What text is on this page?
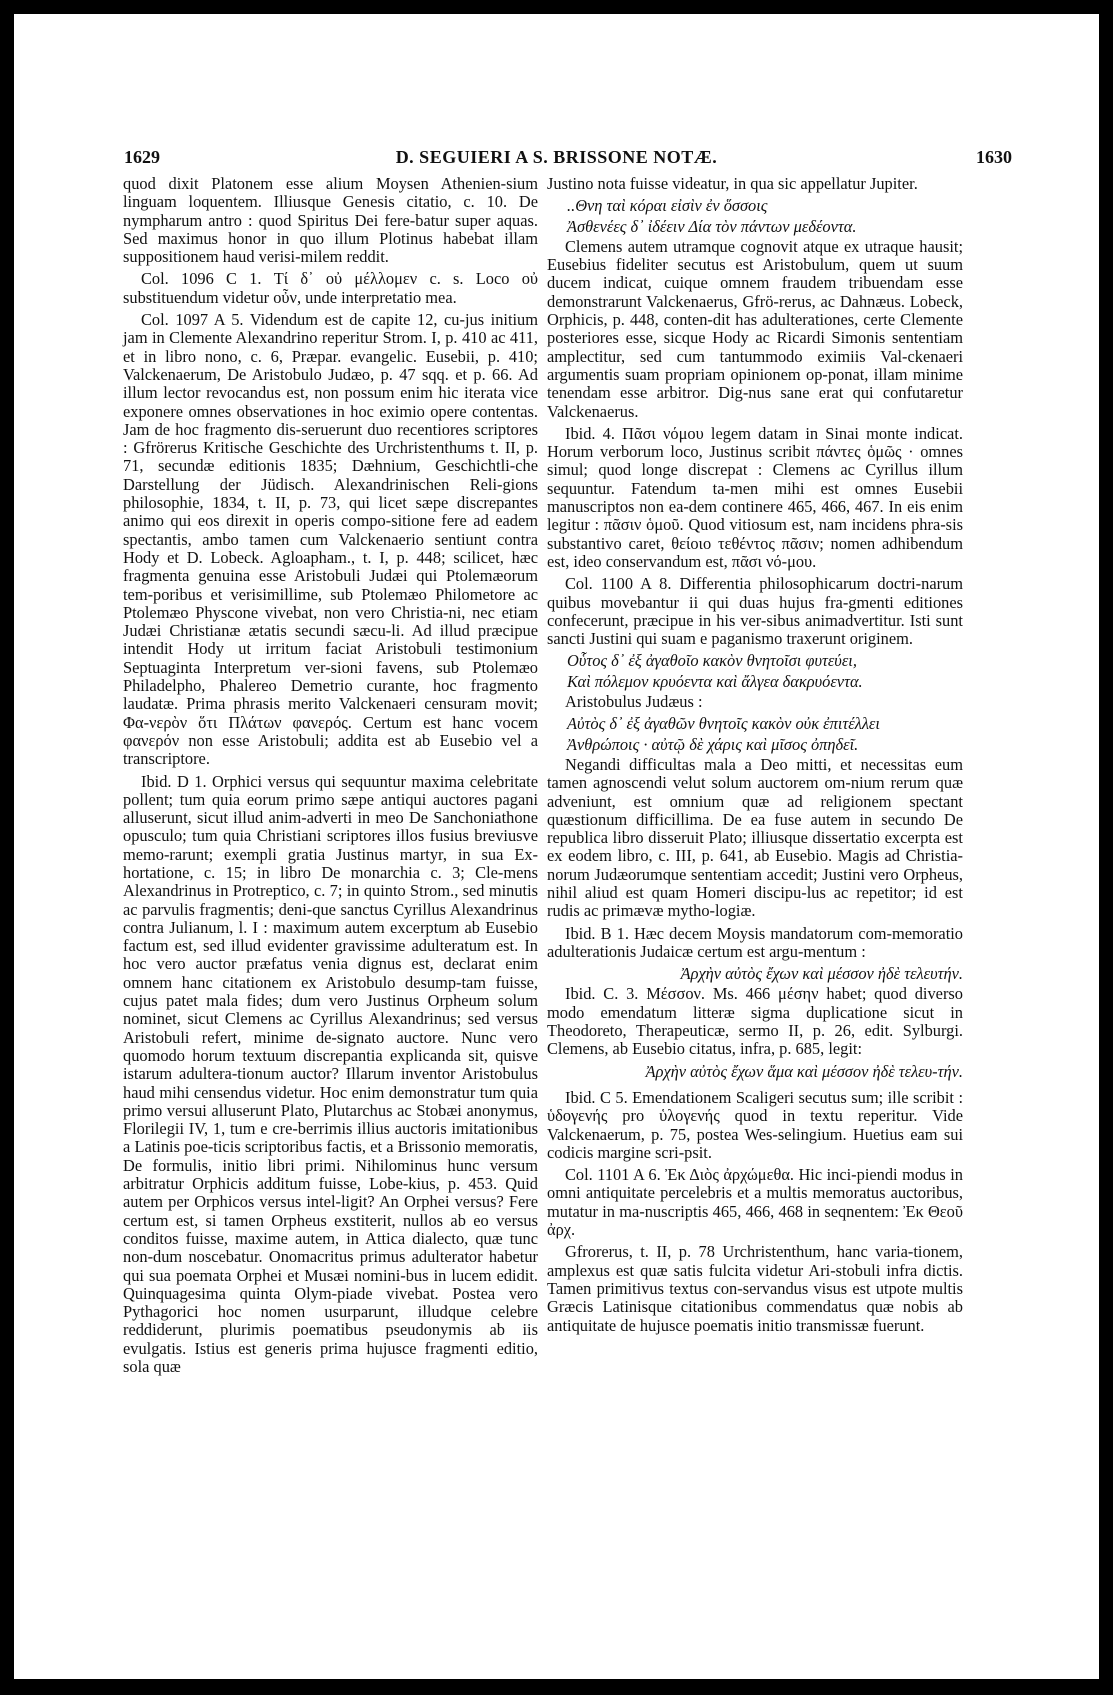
1629	D. SEGUIERI A S. BRISSONE NOTÆ.	1630

quod dixit Platonem esse alium Moysen Athenien-sium linguam loquentem. Illiusque Genesis citatio, c. 10. De nympharum antro : quod Spiritus Dei fere-batur super aquas. Sed maximus honor in quo illum Plotinus habebat illam suppositionem haud verisi-milem reddit.

Col. 1096 C 1. Τί δ᾽ οὐ μέλλομεν c. s. Loco οὐ substituendum videtur οὖν, unde interpretatio mea.

Col. 1097 A 5. Videndum est de capite 12, cu-jus initium jam in Clemente Alexandrino reperitur Strom. I, p. 410 ac 411, et in libro nono, c. 6, Præpar. evangelic. Eusebii, p. 410; Valckenaerum, De Aristobulo Judæo, p. 47 sqq. et p. 66. Ad illum lector revocandus est, non possum enim hic iterata vice exponere omnes observationes in hoc eximio opere contentas. Jam de hoc fragmento dis-seruerunt duo recentiores scriptores : Gfrörerus Kritische Geschichte des Urchristenthums t. II, p. 71, secundæ editionis 1835; Dæhnium, Geschichtli-che Darstellung der Jüdisch. Alexandrinischen Reli-gions philosophie, 1834, t. II, p. 73, qui licet sæpe discrepantes animo qui eos direxit in operis compo-sitione fere ad eadem spectantis, ambo tamen cum Valckenaerio sentiunt contra Hody et D. Lobeck. Agloapham., t. I, p. 448; scilicet, hæc fragmenta genuina esse Aristobuli Judæi qui Ptolemæorum tem-poribus et verisimillime, sub Ptolemæo Philometore ac Ptolemæo Physcone vivebat, non vero Christia-ni, nec etiam Judæi Christianæ ætatis secundi sæcu-li. Ad illud præcipue intendit Hody ut irritum faciat Aristobuli testimonium Septuaginta Interpretum ver-sioni favens, sub Ptolemæo Philadelpho, Phalereo Demetrio curante, hoc fragmento laudatæ. Prima phrasis merito Valckenaeri censuram movit; Φα-νερὸν ὅτι Πλάτων φανερός. Certum est hanc vocem φανερόν non esse Aristobuli; addita est ab Eusebio vel a transcriptore.

Ibid. D 1. Orphici versus qui sequuntur maxima celebritate pollent; tum quia eorum primo sæpe antiqui auctores pagani alluserunt, sicut illud anim-adverti in meo De Sanchoniathone opusculo; tum quia Christiani scriptores illos fusius breviusve memo-rarunt; exempli gratia Justinus martyr, in sua Ex-hortatione, c. 15; in libro De monarchia c. 3; Cle-mens Alexandrinus in Protreptico, c. 7; in quinto Strom., sed minutis ac parvulis fragmentis; deni-que sanctus Cyrillus Alexandrinus contra Julianum, l. I : maximum autem excerptum ab Eusebio factum est, sed illud evidenter gravissime adulteratum est. In hoc vero auctor præfatus venia dignus est, declarat enim omnem hanc citationem ex Aristobulo desump-tam fuisse, cujus patet mala fides; dum vero Justinus Orpheum solum nominet, sicut Clemens ac Cyrillus Alexandrinus; sed versus Aristobuli refert, minime de-signato auctore. Nunc vero quomodo horum textuum discrepantia explicanda sit, quisve istarum adultera-tionum auctor? Illarum inventor Aristobulus haud mihi censendus videtur. Hoc enim demonstratur tum quia primo versui alluserunt Plato, Plutarchus ac Stobæi anonymus, Florilegii IV, 1, tum e cre-berrimis illius auctoris imitationibus a Latinis poe-ticis scriptoribus factis, et a Brissonio memoratis, De formulis, initio libri primi. Nihilominus hunc versum arbitratur Orphicis additum fuisse, Lobe-kius, p. 453. Quid autem per Orphicos versus intel-ligit? An Orphei versus? Fere certum est, si tamen Orpheus exstiterit, nullos ab eo versus conditos fuisse, maxime autem, in Attica dialecto, quæ tunc non-dum noscebatur. Onomacritus primus adulterator habetur qui sua poemata Orphei et Musæi nomini-bus in lucem edidit. Quinquagesima quinta Olym-piade vivebat. Postea vero Pythagorici hoc nomen usurparunt, illudque celebre reddiderunt, plurimis poematibus pseudonymis ab iis evulgatis. Istius est generis prima hujusce fragmenti editio, sola quæ

Justino nota fuisse videatur, in qua sic appellatur Jupiter.

..Θνη ταὶ κόραι εἰσὶν ἐν ὅσσοις

Ἀσθενέες δ᾽ ἰδέειν Δία τὸν πάντων μεδέοντα.

Clemens autem utramque cognovit atque ex utraque hausit; Eusebius fideliter secutus est Aristobulum, quem ut suum ducem indicat, cuique omnem fraudem tribuendam esse demonstrarunt Valckenaerus, Gfrö-rerus, ac Dahnæus. Lobeck, Orphicis, p. 448, conten-dit has adulterationes, certe Clemente posteriores esse, sicque Hody ac Ricardi Simonis sententiam amplectitur, sed cum tantummodo eximiis Val-ckenaeri argumentis suam propriam opinionem op-ponat, illam minime tenendam esse arbitror. Dig-nus sane erat qui confutaretur Valckenaerus.

Ibid. 4. Πᾶσι νόμου legem datam in Sinai monte indicat. Horum verborum loco, Justinus scribit πάντες ὁμῶς · omnes simul; quod longe discrepat : Clemens ac Cyrillus illum sequuntur. Fatendum ta-men mihi est omnes Eusebii manuscriptos non ea-dem continere 465, 466, 467. In eis enim legitur : πᾶσιν ὁμοῦ. Quod vitiosum est, nam incidens phra-sis substantivo caret, θείοιο τεθέντος πᾶσιν; nomen adhibendum est, ideo conservandum est, πᾶσι νό-μου.

Col. 1100 A 8. Differentia philosophicarum doctri-narum quibus movebantur ii qui duas hujus fra-gmenti editiones confecerunt, præcipue in his ver-sibus animadvertitur. Isti sunt sancti Justini qui suam e paganismo traxerunt originem.

Οὗτος δ᾽ ἐξ ἀγαθοῖο κακὸν θνητοῖσι φυτεύει,

Καὶ πόλεμον κρυόεντα καὶ ἄλγεα δακρυόεντα.

Aristobulus Judæus :

Αὐτὸς δ᾽ ἐξ ἀγαθῶν θνητοῖς κακὸν οὐκ ἐπιτέλλει

Ἀνθρώποις · αὐτῷ δὲ χάρις καὶ μῖσος ὀπηδεῖ.

Negandi difficultas mala a Deo mitti, et necessitas eum tamen agnoscendi velut solum auctorem om-nium rerum quæ adveniunt, est omnium quæ ad religionem spectant quæstionum difficillima. De ea fuse autem in secundo De republica libro disseruit Plato; illiusque dissertatio excerpta est ex eodem libro, c. III, p. 641, ab Eusebio. Magis ad Christia-norum Judæorumque sententiam accedit; Justini vero Orpheus, nihil aliud est quam Homeri discipu-lus ac repetitor; id est rudis ac primævæ mytho-logiæ.

Ibid. B 1. Hæc decem Moysis mandatorum com-memoratio adulterationis Judaicæ certum est argu-mentum :

Ἀρχὴν αὐτὸς ἔχων καὶ μέσσον ἠδὲ τελευτήν.

Ibid. C. 3. Μέσσον. Ms. 466 μέσην habet; quod diverso modo emendatum litteræ sigma duplicatione sicut in Theodoreto, Therapeuticæ, sermo II, p. 26, edit. Sylburgi. Clemens, ab Eusebio citatus, infra, p. 685, legit:

Ἀρχὴν αὐτὸς ἔχων ἅμα καὶ μέσσον ἠδὲ τελευ-τήν.

Ibid. C 5. Emendationem Scaligeri secutus sum; ille scribit : ὑδογενής pro ὑλογενής quod in textu reperitur. Vide Valckenaerum, p. 75, postea Wes-selingium. Huetius eam sui codicis margine scri-psit.

Col. 1101 A 6. Ἐκ Διὸς ἀρχώμεθα. Hic inci-piendi modus in omni antiquitate percelebris et a multis memoratus auctoribus, mutatur in ma-nuscriptis 465, 466, 468 in seqnentem: Ἐκ Θεοῦ ἀρχ.

Gfrorerus, t. II, p. 78 Urchristenthum, hanc varia-tionem, amplexus est quæ satis fulcita videtur Ari-stobuli infra dictis. Tamen primitivus textus con-servandus visus est utpote multis Græcis Latinisque citationibus commendatus quæ nobis ab antiquitate de hujusce poematis initio transmissæ fuerunt.
